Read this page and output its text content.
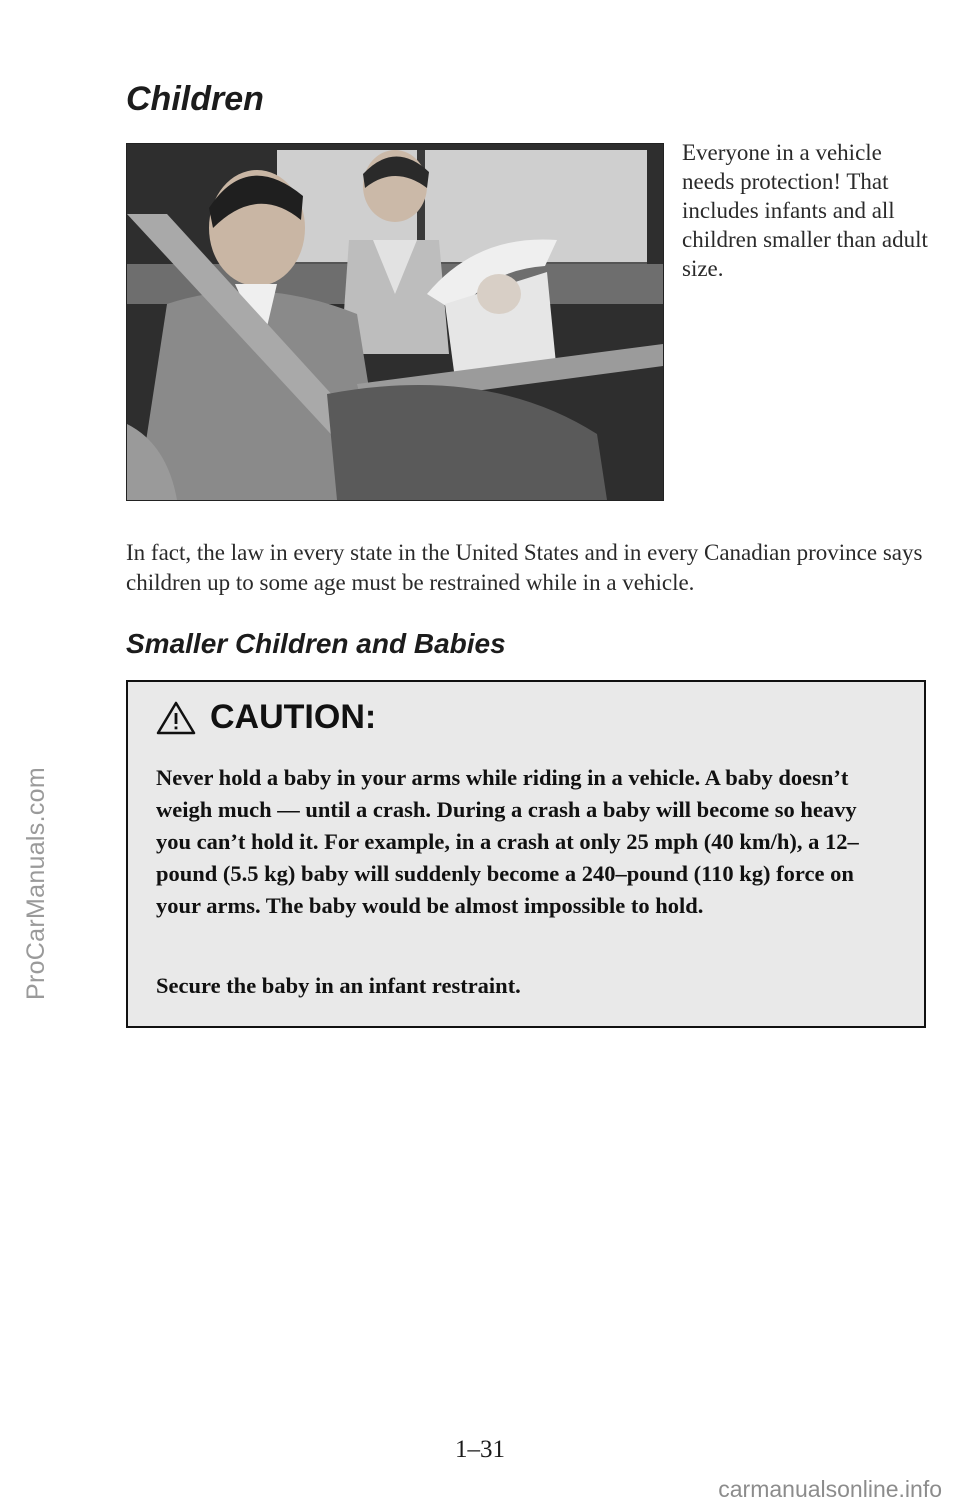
ProCarManuals.com
Children

Everyone in a vehicle needs protection! That includes infants and all children smaller than adult size.

In fact, the law in every state in the United States and in every Canadian province says children up to some age must be restrained while in a vehicle.

Smaller Children and Babies
CAUTION:

Never hold a baby in your arms while riding in a vehicle. A baby doesn’t weigh much — until a crash. During a crash a baby will become so heavy you can’t hold it. For example, in a crash at only 25 mph (40 km/h), a 12–pound (5.5 kg) baby will suddenly become a 240–pound (110 kg) force on your arms. The baby would be almost impossible to hold.

Secure the baby in an infant restraint.

1–31

carmanualsonline.info
